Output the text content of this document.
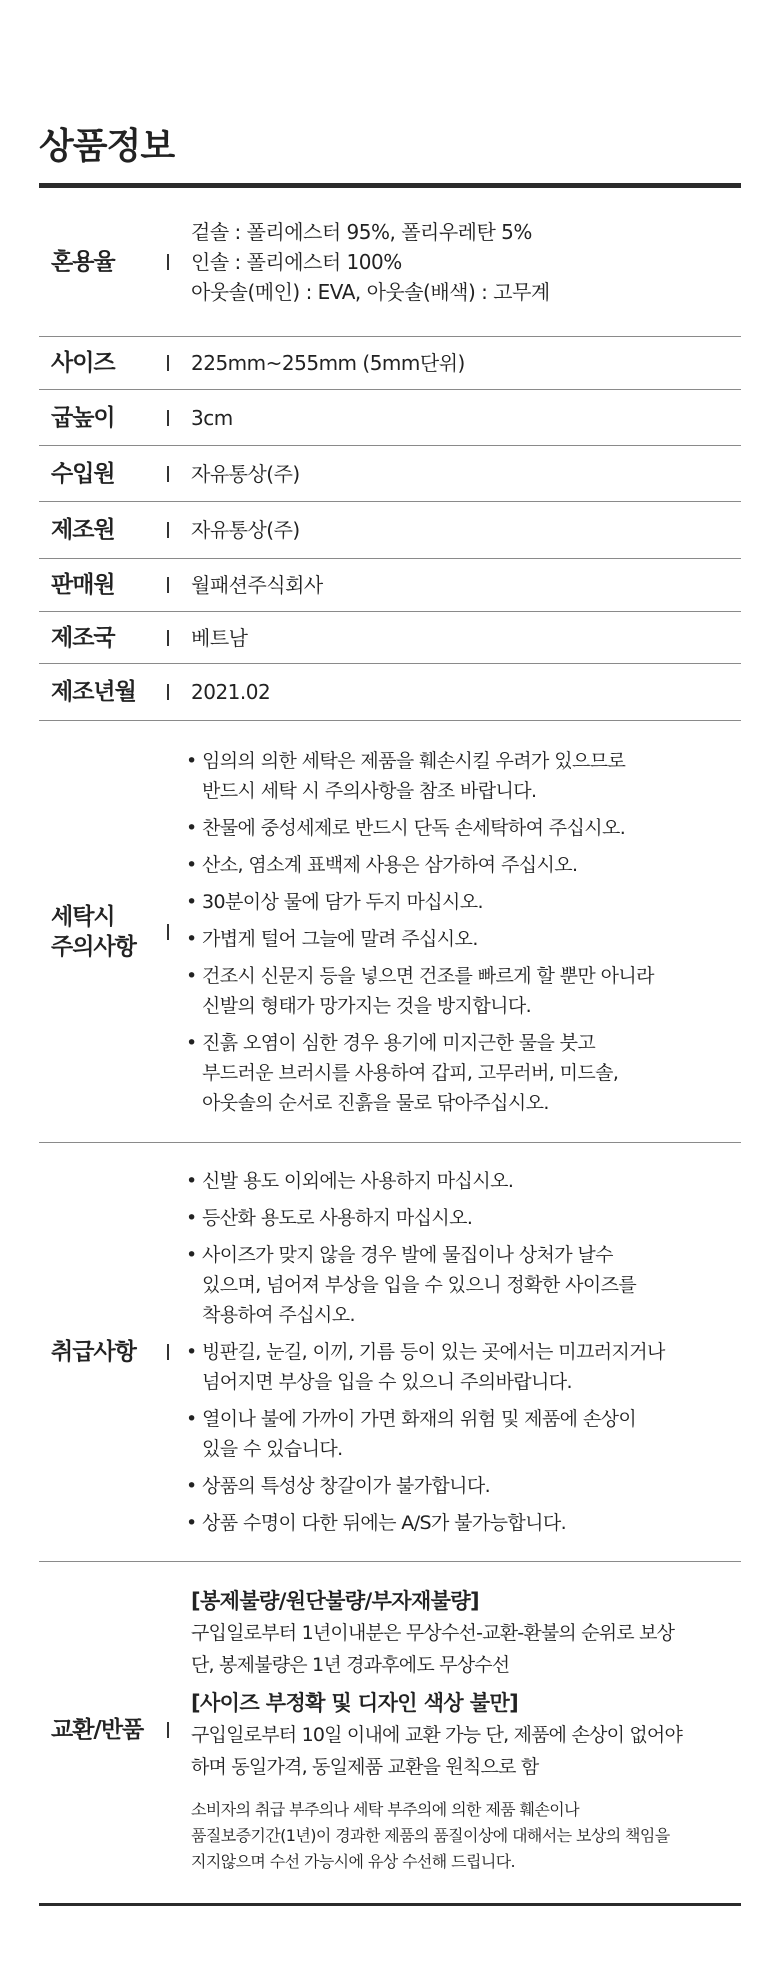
상품정보
혼용율
겉솔 : 폴리에스터 95%, 폴리우레탄 5%
인솔 : 폴리에스터 100%
아웃솔(메인) : EVA, 아웃솔(배색) : 고무계
사이즈	225mm~255mm (5mm단위)
굽높이	3cm
수입원	자유통상(주)
제조원	자유통상(주)
판매원	월패션주식회사
제조국	베트남
제조년월	2021.02
세탁시
주의사항
• 임의의 의한 세탁은 제품을 훼손시킬 우려가 있으므로
반드시 세탁 시 주의사항을 참조 바랍니다.
• 찬물에 중성세제로 반드시 단독 손세탁하여 주십시오.
• 산소, 염소계 표백제 사용은 삼가하여 주십시오.
• 30분이상 물에 담가 두지 마십시오.
• 가볍게 털어 그늘에 말려 주십시오.
• 건조시 신문지 등을 넣으면 건조를 빠르게 할 뿐만 아니라
신발의 형태가 망가지는 것을 방지합니다.
• 진흙 오염이 심한 경우 용기에 미지근한 물을 붓고
부드러운 브러시를 사용하여 갑피, 고무러버, 미드솔,
아웃솔의 순서로 진흙을 물로 닦아주십시오.
취급사항
• 신발 용도 이외에는 사용하지 마십시오.
• 등산화 용도로 사용하지 마십시오.
• 사이즈가 맞지 않을 경우 발에 물집이나 상처가 날수
있으며, 넘어져 부상을 입을 수 있으니 정확한 사이즈를
착용하여 주십시오.
• 빙판길, 눈길, 이끼, 기름 등이 있는 곳에서는 미끄러지거나
넘어지면 부상을 입을 수 있으니 주의바랍니다.
• 열이나 불에 가까이 가면 화재의 위험 및 제품에 손상이
있을 수 있습니다.
• 상품의 특성상 창갈이가 불가합니다.
• 상품 수명이 다한 뒤에는 A/S가 불가능합니다.
교환/반품
[봉제불량/원단불량/부자재불량]
구입일로부터 1년이내분은 무상수선-교환-환불의 순위로 보상
단, 봉제불량은 1년 경과후에도 무상수선
[사이즈 부정확 및 디자인 색상 불만]
구입일로부터 10일 이내에 교환 가능 단, 제품에 손상이 없어야
하며 동일가격, 동일제품 교환을 원칙으로 함
소비자의 취급 부주의나 세탁 부주의에 의한 제품 훼손이나
품질보증기간(1년)이 경과한 제품의 품질이상에 대해서는 보상의 책임을
지지않으며 수선 가능시에 유상 수선해 드립니다.
